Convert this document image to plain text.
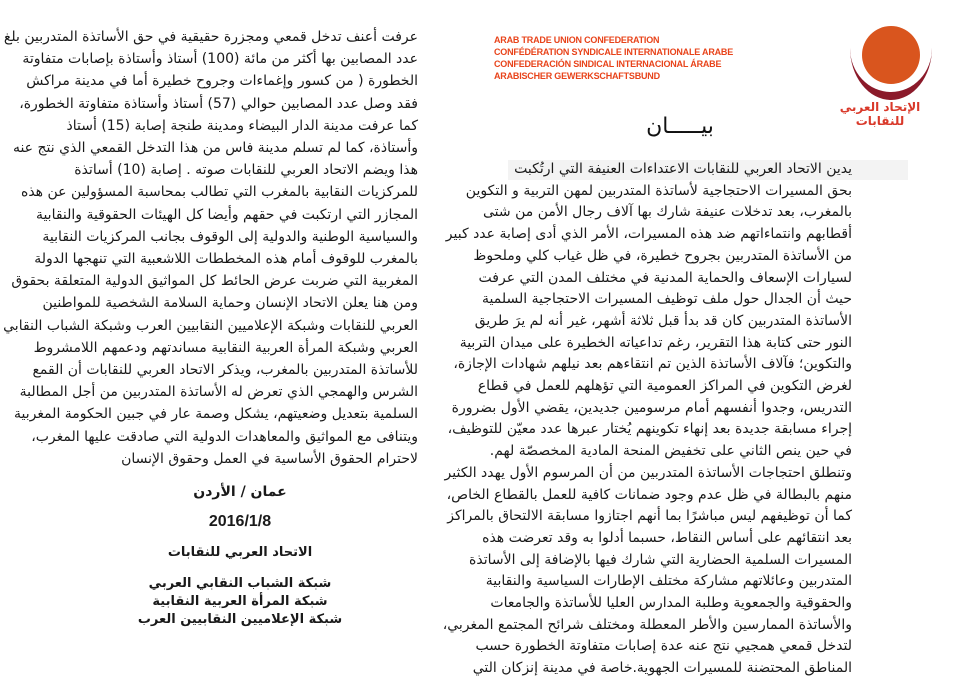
عرفت أعنف تدخل قمعي ومجزرة حقيقية في حق الأساتذة المتدربين بلغ
عدد المصابين بها أكثر من مائة (100) أستاذ وأستاذة بإصابات متفاوتة
الخطورة ( من كسور وإغماءات وجروح خطيرة أما في مدينة مراكش
فقد وصل عدد المصابين حوالي (57) أستاذ وأستاذة متفاوتة الخطورة،
كما عرفت مدينة الدار البيضاء ومدينة طنجة إصابة (15) أستاذ
وأستاذة، كما لم تسلم مدينة فاس من هذا التدخل القمعي الذي نتج عنه
هذا ويضم الاتحاد العربي للنقابات صوته . إصابة (10) أساتذة
للمركزيات النقابية بالمغرب التي تطالب بمحاسبة المسؤولين عن هذه
المجازر التي ارتكبت في حقهم وأيضا كل الهيئات الحقوقية والنقابية
والسياسية الوطنية والدولية إلى الوقوف بجانب المركزيات النقابية
بالمغرب للوقوف أمام هذه المخططات اللاشعبية التي تنهجها الدولة
المغربية التي ضربت عرض الحائط كل المواثيق الدولية المتعلقة بحقوق
ومن هنا يعلن الاتحاد الإنسان وحماية السلامة الشخصية للمواطنين
العربي للنقابات وشبكة الإعلاميين النقابيين العرب وشبكة الشباب النقابي
العربي وشبكة المرأة العربية النقابية مساندتهم ودعمهم اللامشروط
للأساتذة المتدربين بالمغرب، ويذكر الاتحاد العربي للنقابات أن القمع
الشرس والهمجي الذي تعرض له الأساتذة المتدربين من أجل المطالبة
السلمية بتعديل وضعيتهم، يشكل وصمة عار في جبين الحكومة المغربية
ويتنافى مع المواثيق والمعاهدات الدولية التي صادقت عليها المغرب،
لاحترام الحقوق الأساسية في العمل وحقوق الإنسان
عمان / الأردن
2016/1/8
الاتحاد العربي للنقابات
شبكة الشباب النقابي العربي
شبكة المرأة العربية النقابية
شبكة الإعلاميين النقابيين العرب
ARAB TRADE UNION CONFEDERATION
CONFÉDÉRATION SYNDICALE INTERNATIONALE ARABE
CONFEDERACIÓN SINDICAL INTERNACIONAL ÁRABE
ARABISCHER GEWERKSCHAFTSBUND
الإتحاد العربي للنقابات
بيـــــان
يدين الاتحاد العربي للنقابات الاعتداءات العنيفة التي ارتُكبت
بحق المسيرات الاحتجاجية لأساتذة المتدربين لمهن التربية و التكوين
بالمغرب، بعد تدخلات عنيفة شارك بها آلاف رجال الأمن من شتى
أقطابهم وانتماءاتهم ضد هذه المسيرات، الأمر الذي أدى إصابة عدد كبير
من الأساتذة المتدربين بجروح خطيرة، في ظل غياب كلي وملحوظ
لسيارات الإسعاف والحماية المدنية في مختلف المدن التي عرفت
حيث أن الجدال حول ملف توظيف المسيرات الاحتجاجية السلمية
الأساتذة المتدربين كان قد بدأ قبل ثلاثة أشهر، غير أنه لم يرَ طريق
النور حتى كتابة هذا التقرير، رغم تداعياته الخطيرة على ميدان التربية
والتكوين؛ فآلاف الأساتذة الذين تم انتقاءهم بعد نيلهم شهادات الإجازة،
لغرض التكوين في المراكز العمومية التي تؤهلهم للعمل في قطاع
التدريس، وجدوا أنفسهم أمام مرسومين جديدين، يقضي الأول بضرورة
إجراء مسابقة جديدة بعد إنهاء تكوينهم يُختار عبرها عدد معيّن للتوظيف،
في حين ينص الثاني على تخفيض المنحة المادية المخصصّة لهم.
وتنطلق احتجاجات الأساتذة المتدربين من أن المرسوم الأول يهدد الكثير
منهم بالبطالة في ظل عدم وجود ضمانات كافية للعمل بالقطاع الخاص،
كما أن توظيفهم ليس مباشرًا بما أنهم اجتازوا مسابقة الالتحاق بالمراكز
بعد انتقائهم على أساس النقاط، حسبما أدلوا به وقد تعرضت هذه
المسيرات السلمية الحضارية التي شارك فيها بالإضافة إلى الأساتذة
المتدربين وعائلاتهم مشاركة مختلف الإطارات السياسية والنقابية
والحقوقية والجمعوية وطلبة المدارس العليا للأساتذة والجامعات
والأساتذة الممارسين والأطر المعطلة ومختلف شرائح المجتمع المغربي،
لتدخل قمعي همجيي نتج عنه عدة إصابات متفاوتة الخطورة حسب
المناطق المحتضنة للمسيرات الجهوية.خاصة في مدينة إنزكان التي
